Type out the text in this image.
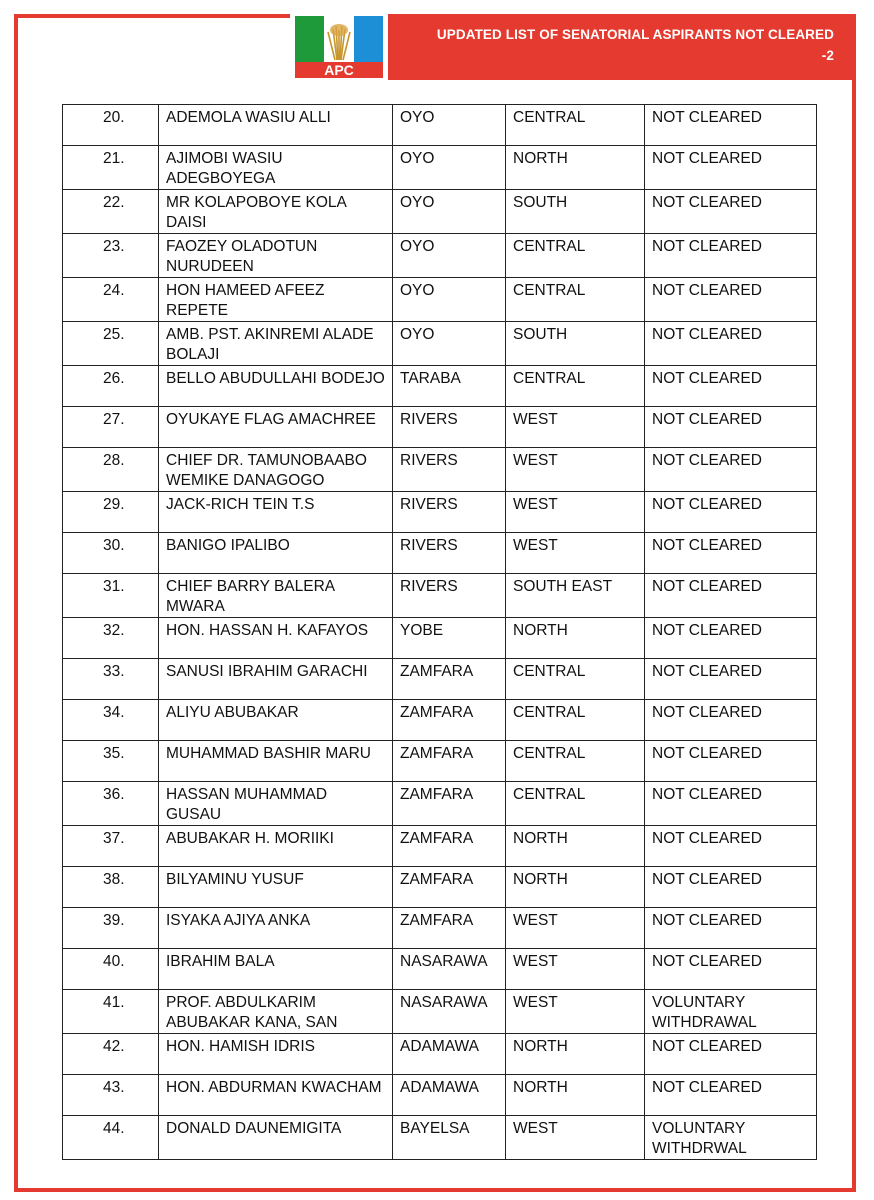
APC
UPDATED LIST OF SENATORIAL ASPIRANTS NOT CLEARED
-2
20.	ADEMOLA WASIU ALLI	OYO	CENTRAL	NOT CLEARED
21.	AJIMOBI WASIU ADEGBOYEGA	OYO	NORTH	NOT CLEARED
22.	MR KOLAPOBOYE KOLA DAISI	OYO	SOUTH	NOT CLEARED
23.	FAOZEY OLADOTUN NURUDEEN	OYO	CENTRAL	NOT CLEARED
24.	HON HAMEED AFEEZ REPETE	OYO	CENTRAL	NOT CLEARED
25.	AMB. PST. AKINREMI ALADE BOLAJI	OYO	SOUTH	NOT CLEARED
26.	BELLO ABUDULLAHI BODEJO	TARABA	CENTRAL	NOT CLEARED
27.	OYUKAYE FLAG AMACHREE	RIVERS	WEST	NOT CLEARED
28.	CHIEF DR. TAMUNOBAABO WEMIKE DANAGOGO	RIVERS	WEST	NOT CLEARED
29.	JACK-RICH TEIN T.S	RIVERS	WEST	NOT CLEARED
30.	BANIGO IPALIBO	RIVERS	WEST	NOT CLEARED
31.	CHIEF BARRY BALERA MWARA	RIVERS	SOUTH EAST	NOT CLEARED
32.	HON. HASSAN H. KAFAYOS	YOBE	NORTH	NOT CLEARED
33.	SANUSI IBRAHIM GARACHI	ZAMFARA	CENTRAL	NOT CLEARED
34.	ALIYU ABUBAKAR	ZAMFARA	CENTRAL	NOT CLEARED
35.	MUHAMMAD BASHIR MARU	ZAMFARA	CENTRAL	NOT CLEARED
36.	HASSAN MUHAMMAD GUSAU	ZAMFARA	CENTRAL	NOT CLEARED
37.	ABUBAKAR H. MORIIKI	ZAMFARA	NORTH	NOT CLEARED
38.	BILYAMINU YUSUF	ZAMFARA	NORTH	NOT CLEARED
39.	ISYAKA AJIYA ANKA	ZAMFARA	WEST	NOT CLEARED
40.	IBRAHIM BALA	NASARAWA	WEST	NOT CLEARED
41.	PROF. ABDULKARIM ABUBAKAR KANA, SAN	NASARAWA	WEST	VOLUNTARY WITHDRAWAL
42.	HON. HAMISH IDRIS	ADAMAWA	NORTH	NOT CLEARED
43.	HON. ABDURMAN KWACHAM	ADAMAWA	NORTH	NOT CLEARED
44.	DONALD DAUNEMIGITA	BAYELSA	WEST	VOLUNTARY WITHDRWAL
